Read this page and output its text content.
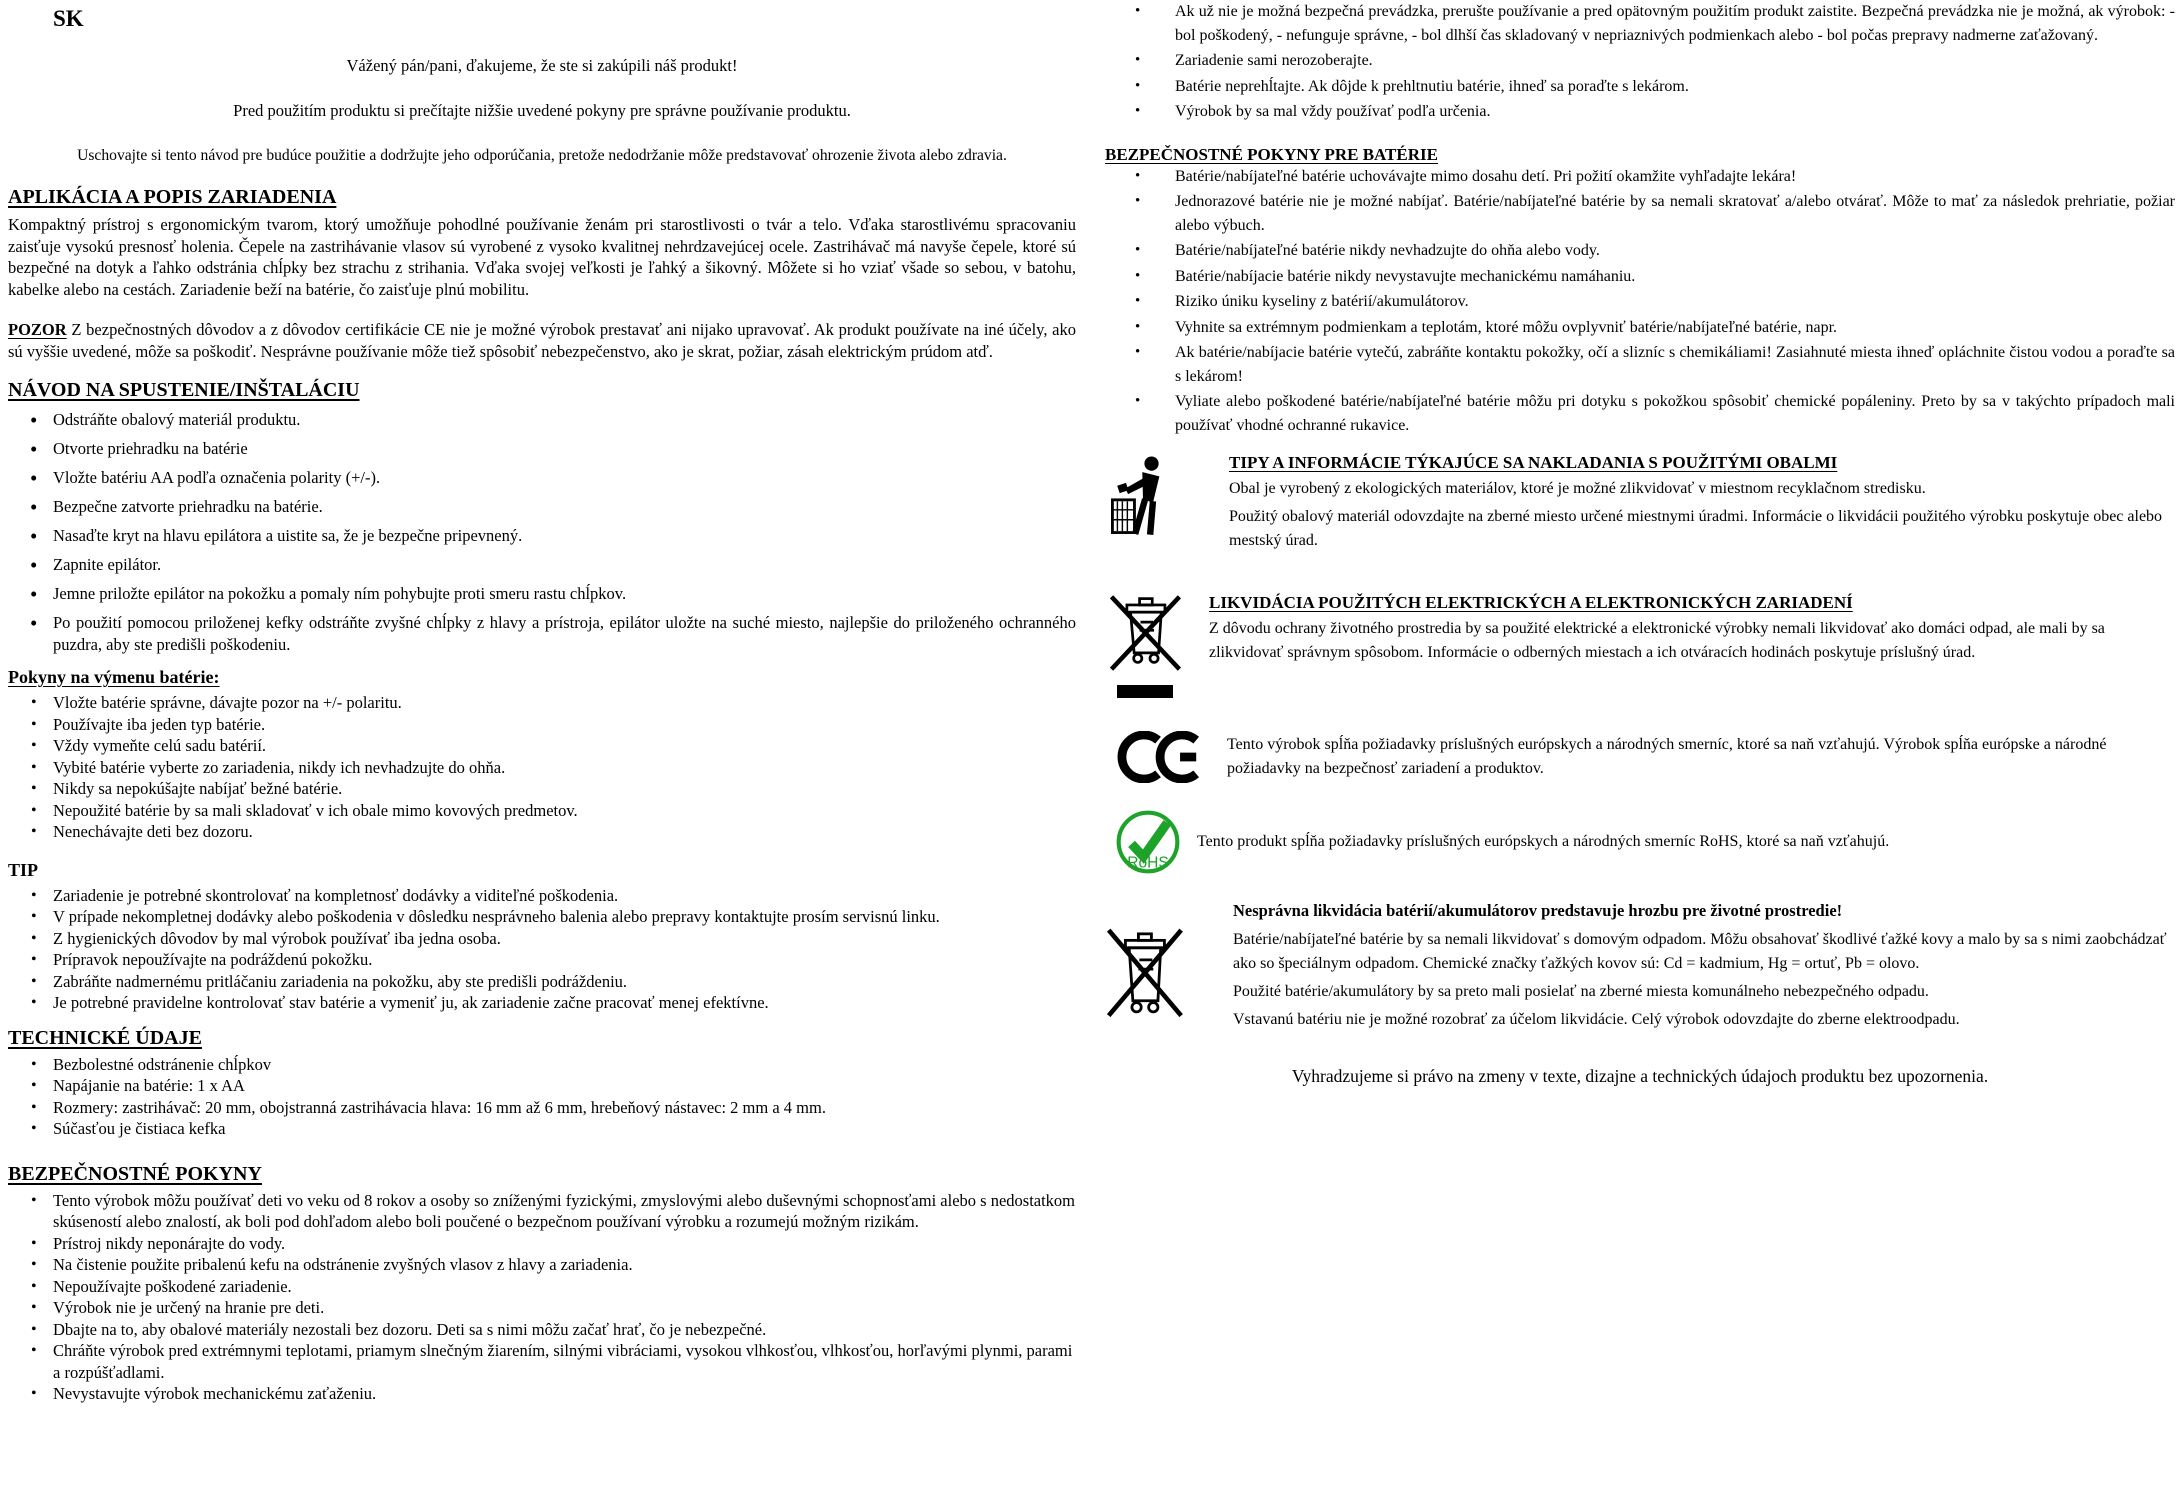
SK

Vážený pán/pani, ďakujeme, že ste si zakúpili náš produkt!

Pred použitím produktu si prečítajte nižšie uvedené pokyny pre správne používanie produktu.

Uschovajte si tento návod pre budúce použitie a dodržujte jeho odporúčania, pretože nedodržanie môže predstavovať ohrozenie života alebo zdravia.

APLIKÁCIA A POPIS ZARIADENIA

Kompaktný prístroj s ergonomickým tvarom, ktorý umožňuje pohodlné používanie ženám pri starostlivosti o tvár a telo. Vďaka starostlivému spracovaniu zaisťuje vysokú presnosť holenia. Čepele na zastrihávanie vlasov sú vyrobené z vysoko kvalitnej nehrdzavejúcej ocele. Zastrihávač má navyše čepele, ktoré sú bezpečné na dotyk a ľahko odstránia chĺpky bez strachu z strihania. Vďaka svojej veľkosti je ľahký a šikovný. Môžete si ho vziať všade so sebou, v batohu, kabelke alebo na cestách. Zariadenie beží na batérie, čo zaisťuje plnú mobilitu.

POZOR Z bezpečnostných dôvodov a z dôvodov certifikácie CE nie je možné výrobok prestavať ani nijako upravovať. Ak produkt používate na iné účely, ako sú vyššie uvedené, môže sa poškodiť. Nesprávne používanie môže tiež spôsobiť nebezpečenstvo, ako je skrat, požiar, zásah elektrickým prúdom atď.

NÁVOD NA SPUSTENIE/INŠTALÁCIU
• Odstráňte obalový materiál produktu.
• Otvorte priehradku na batérie
• Vložte batériu AA podľa označenia polarity (+/-).
• Bezpečne zatvorte priehradku na batérie.
• Nasaďte kryt na hlavu epilátora a uistite sa, že je bezpečne pripevnený.
• Zapnite epilátor.
• Jemne priložte epilátor na pokožku a pomaly ním pohybujte proti smeru rastu chĺpkov.
• Po použití pomocou priloženej kefky odstráňte zvyšné chĺpky z hlavy a prístroja, epilátor uložte na suché miesto, najlepšie do priloženého ochranného puzdra, aby ste predišli poškodeniu.
Pokyny na výmenu batérie:
• Vložte batérie správne, dávajte pozor na +/- polaritu.
• Používajte iba jeden typ batérie.
• Vždy vymeňte celú sadu batérií.
• Vybité batérie vyberte zo zariadenia, nikdy ich nevhadzujte do ohňa.
• Nikdy sa nepokúšajte nabíjať bežné batérie.
• Nepoužité batérie by sa mali skladovať v ich obale mimo kovových predmetov.
• Nenechávajte deti bez dozoru.
TIP
• Zariadenie je potrebné skontrolovať na kompletnosť dodávky a viditeľné poškodenia.
• V prípade nekompletnej dodávky alebo poškodenia v dôsledku nesprávneho balenia alebo prepravy kontaktujte prosím servisnú linku.
• Z hygienických dôvodov by mal výrobok používať iba jedna osoba.
• Prípravok nepoužívajte na podráždenú pokožku.
• Zabráňte nadmernému pritláčaniu zariadenia na pokožku, aby ste predišli podráždeniu.
• Je potrebné pravidelne kontrolovať stav batérie a vymeniť ju, ak zariadenie začne pracovať menej efektívne.
TECHNICKÉ ÚDAJE
• Bezbolestné odstránenie chĺpkov
• Napájanie na batérie: 1 x AA
• Rozmery: zastrihávač: 20 mm, obojstranná zastrihávacia hlava: 16 mm až 6 mm, hrebeňový nástavec: 2 mm a 4 mm.
• Súčasťou je čistiaca kefka
BEZPEČNOSTNÉ POKYNY
• Tento výrobok môžu používať deti vo veku od 8 rokov a osoby so zníženými fyzickými, zmyslovými alebo duševnými schopnosťami alebo s nedostatkom skúseností alebo znalostí, ak boli pod dohľadom alebo boli poučené o bezpečnom používaní výrobku a rozumejú možným rizikám.
• Prístroj nikdy neponárajte do vody.
• Na čistenie použite pribalenú kefu na odstránenie zvyšných vlasov z hlavy a zariadenia.
• Nepoužívajte poškodené zariadenie.
• Výrobok nie je určený na hranie pre deti.
• Dbajte na to, aby obalové materiály nezostali bez dozoru. Deti sa s nimi môžu začať hrať, čo je nebezpečné.
• Chráňte výrobok pred extrémnymi teplotami, priamym slnečným žiarením, silnými vibráciami, vysokou vlhkosťou, vlhkosťou, horľavými plynmi, parami a rozpúšťadlami.
• Nevystavujte výrobok mechanickému zaťaženiu.
• Ak už nie je možná bezpečná prevádzka, prerušte používanie a pred opätovným použitím produkt zaistite. Bezpečná prevádzka nie je možná, ak výrobok: - bol poškodený, - nefunguje správne, - bol dlhší čas skladovaný v nepriaznivých podmienkach alebo - bol počas prepravy nadmerne zaťažovaný.
• Zariadenie sami nerozoberajte.
• Batérie neprehĺtajte. Ak dôjde k prehltnutiu batérie, ihneď sa poraďte s lekárom.
• Výrobok by sa mal vždy používať podľa určenia.
BEZPEČNOSTNÉ POKYNY PRE BATÉRIE
• Batérie/nabíjateľné batérie uchovávajte mimo dosahu detí. Pri požití okamžite vyhľadajte lekára!
• Jednorazové batérie nie je možné nabíjať. Batérie/nabíjateľné batérie by sa nemali skratovať a/alebo otvárať. Môže to mať za následok prehriatie, požiar alebo výbuch.
• Batérie/nabíjateľné batérie nikdy nevhadzujte do ohňa alebo vody.
• Batérie/nabíjacie batérie nikdy nevystavujte mechanickému namáhaniu.
• Riziko úniku kyseliny z batérií/akumulátorov.
• Vyhnite sa extrémnym podmienkam a teplotám, ktoré môžu ovplyvniť batérie/nabíjateľné batérie, napr.
• Ak batérie/nabíjacie batérie vytečú, zabráňte kontaktu pokožky, očí a slizníc s chemikáliami! Zasiahnuté miesta ihneď opláchnite čistou vodou a poraďte sa s lekárom!
• Vyliate alebo poškodené batérie/nabíjateľné batérie môžu pri dotyku s pokožkou spôsobiť chemické popáleniny. Preto by sa v takýchto prípadoch mali používať vhodné ochranné rukavice.
TIPY A INFORMÁCIE TÝKAJÚCE SA NAKLADANIA S POUŽITÝMI OBALMI

Obal je vyrobený z ekologických materiálov, ktoré je možné zlikvidovať v miestnom recyklačnom stredisku.

Použitý obalový materiál odovzdajte na zberné miesto určené miestnymi úradmi. Informácie o likvidácii použitého výrobku poskytuje obec alebo mestský úrad.

LIKVIDÁCIA POUŽITÝCH ELEKTRICKÝCH A ELEKTRONICKÝCH ZARIADENÍ

Z dôvodu ochrany životného prostredia by sa použité elektrické a elektronické výrobky nemali likvidovať ako domáci odpad, ale mali by sa zlikvidovať správnym spôsobom. Informácie o odberných miestach a ich otváracích hodinách poskytuje príslušný úrad.

Tento výrobok spĺňa požiadavky príslušných európskych a národných smerníc, ktoré sa naň vzťahujú. Výrobok spĺňa európske a národné požiadavky na bezpečnosť zariadení a produktov.

RoHS

Tento produkt spĺňa požiadavky príslušných európskych a národných smerníc RoHS, ktoré sa naň vzťahujú.

Nesprávna likvidácia batérií/akumulátorov predstavuje hrozbu pre životné prostredie!

Batérie/nabíjateľné batérie by sa nemali likvidovať s domovým odpadom. Môžu obsahovať škodlivé ťažké kovy a malo by sa s nimi zaobchádzať ako so špeciálnym odpadom. Chemické značky ťažkých kovov sú: Cd = kadmium, Hg = ortuť, Pb = olovo.

Použité batérie/akumulátory by sa preto mali posielať na zberné miesta komunálneho nebezpečného odpadu.

Vstavanú batériu nie je možné rozobrať za účelom likvidácie. Celý výrobok odovzdajte do zberne elektroodpadu.

Vyhradzujeme si právo na zmeny v texte, dizajne a technických údajoch produktu bez upozornenia.
